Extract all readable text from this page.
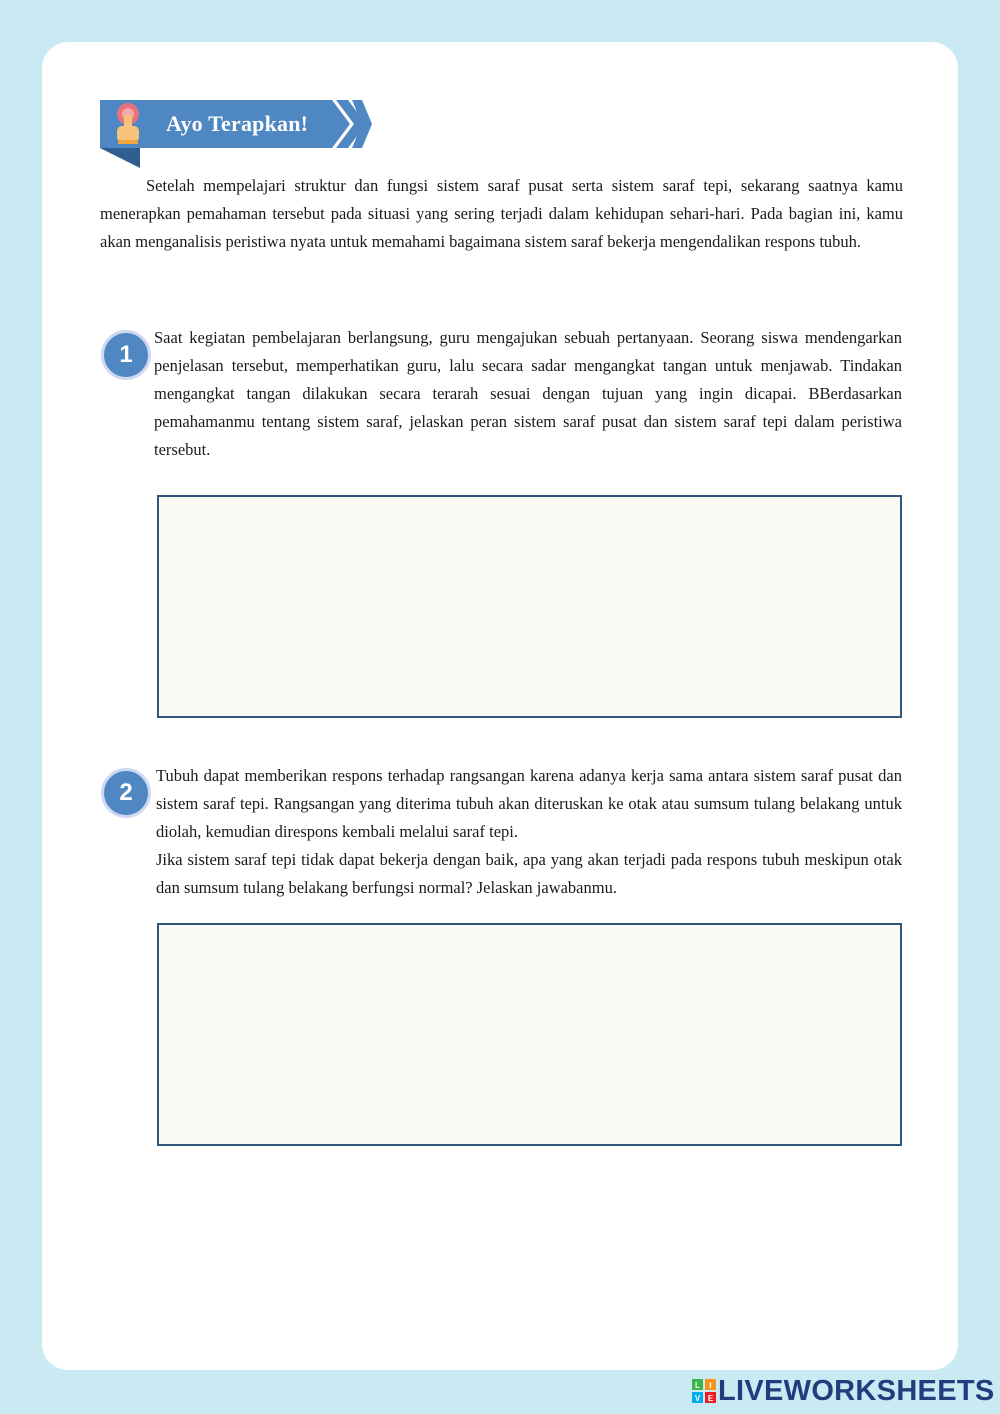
Ayo Terapkan!

Setelah mempelajari struktur dan fungsi sistem saraf pusat serta sistem saraf tepi, sekarang saatnya kamu menerapkan pemahaman tersebut pada situasi yang sering terjadi dalam kehidupan sehari-hari. Pada bagian ini, kamu akan menganalisis peristiwa nyata untuk memahami bagaimana sistem saraf bekerja mengendalikan respons tubuh.

1

Saat kegiatan pembelajaran berlangsung, guru mengajukan sebuah pertanyaan. Seorang siswa mendengarkan penjelasan tersebut, memperhatikan guru, lalu secara sadar mengangkat tangan untuk menjawab. Tindakan mengangkat tangan dilakukan secara terarah sesuai dengan tujuan yang ingin dicapai. BBerdasarkan pemahamanmu tentang sistem saraf, jelaskan peran sistem saraf pusat dan sistem saraf tepi dalam peristiwa tersebut.

2

Tubuh dapat memberikan respons terhadap rangsangan karena adanya kerja sama antara sistem saraf pusat dan sistem saraf tepi. Rangsangan yang diterima tubuh akan diteruskan ke otak atau sumsum tulang belakang untuk diolah, kemudian direspons kembali melalui saraf tepi.

Jika sistem saraf tepi tidak dapat bekerja dengan baik, apa yang akan terjadi pada respons tubuh meskipun otak dan sumsum tulang belakang berfungsi normal? Jelaskan jawabanmu.

L I
V E LIVEWORKSHEETS
